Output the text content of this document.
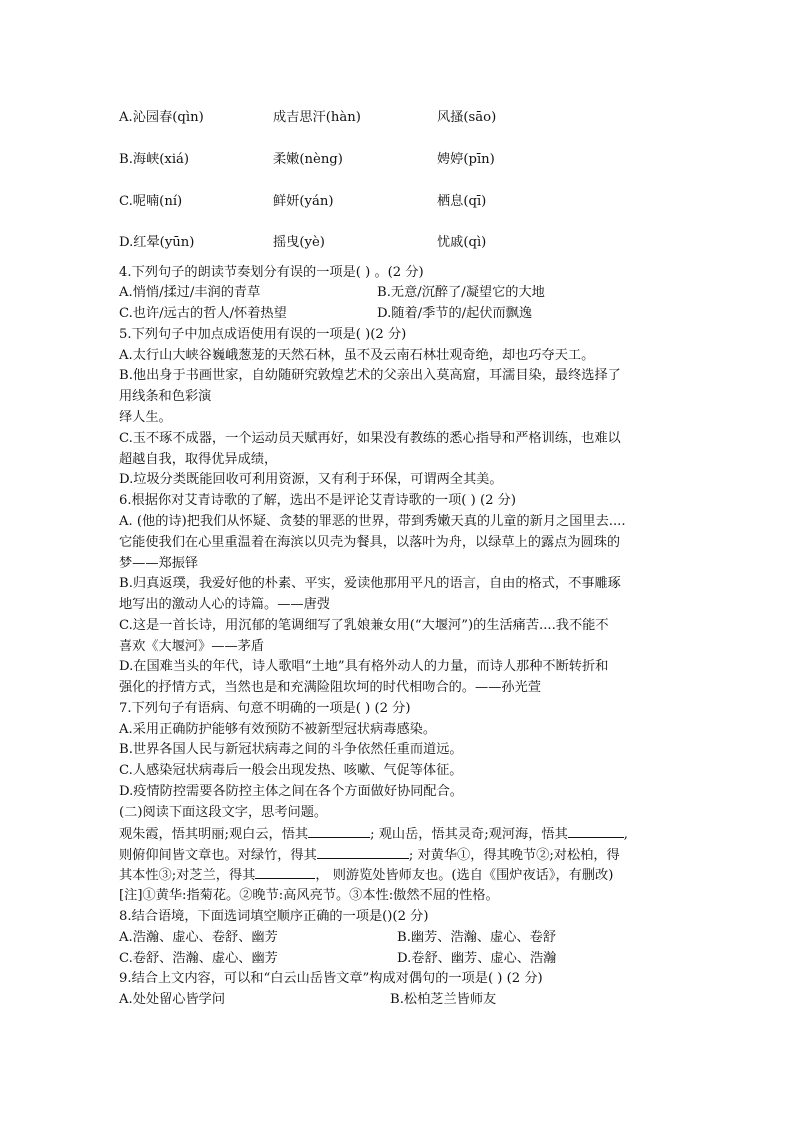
A.沁园春(qìn)	成吉思汗(hàn)	风搔(sāo)
B.海峡(xiá)	柔嫩(nèng)	娉婷(pīn)
C.呢喃(ní)	鲜妍(yán)	栖息(qī)
D.红晕(yūn)	摇曳(yè)	忧戚(qì)
4.下列句子的朗读节奏划分有误的一项是( ) 。(2 分)
A.悄悄/揉过/丰润的青草	B.无意/沉醉了/凝望它的大地
C.也许/远古的哲人/怀着热望	D.随着/季节的/起伏而飘逸
5.下列句子中加点成语使用有误的一项是( )(2 分)
A.太行山大峡谷巍峨葱茏的天然石林，虽不及云南石林壮观奇绝，却也巧夺天工。
B.他出身于书画世家，自幼随研究敦煌艺术的父亲出入莫高窟，耳濡目染，最终选择了
用线条和色彩演
绎人生。
C.玉不琢不成器，一个运动员天赋再好，如果没有教练的悉心指导和严格训练，也难以
超越自我，取得优异成绩，
D.垃圾分类既能回收可利用资源，又有利于环保，可谓两全其美。
6.根据你对艾青诗歌的了解，选出不是评论艾青诗歌的一项( ) (2 分)
A. (他的诗)把我们从怀疑、贪婪的罪恶的世界，带到秀嫩天真的儿童的新月之国里去....
它能使我们在心里重温着在海滨以贝壳为餐具，以落叶为舟，以绿草上的露点为圆珠的
梦——郑振铎
B.归真返璞，我爱好他的朴素、平实，爱读他那用平凡的语言，自由的格式，不事雕琢
地写出的激动人心的诗篇。——唐弢
C.这是一首长诗，用沉郁的笔调细写了乳娘兼女用(“大堰河”)的生活痛苦....我不能不
喜欢《大堰河》——茅盾
D.在国难当头的年代，诗人歌唱“土地”具有格外动人的力量，而诗人那种不断转折和
强化的抒情方式，当然也是和充满险阻坎坷的时代相吻合的。——孙光萱
7.下列句子有语病、句意不明确的一项是( ) (2 分)
A.采用正确防护能够有效预防不被新型冠状病毒感染。
B.世界各国人民与新冠状病毒之间的斗争依然任重而道远。
C.人感染冠状病毒后一般会出现发热、咳嗽、气促等体征。
D.疫情防控需要各防控主体之间在各个方面做好协同配合。
(二)阅读下面这段文字，思考问题。
观朱霞，悟其明丽;观白云，悟其	; 观山岳，悟其灵奇;观河海，悟其	,
则俯仰间皆文章也。对绿竹，得其	; 对黄华①，得其晚节②;对松柏，得
其本性③;对芝兰，得其	， 则游览处皆师友也。(选自《围炉夜话》，有删改)
[注]①黄华:指菊花。②晚节:高风亮节。③本性:傲然不屈的性格。
8.结合语境，下面选词填空顺序正确的一项是()(2 分)
A.浩瀚、虚心、卷舒、幽芳	B.幽芳、浩瀚、虚心、卷舒
C.卷舒、浩瀚、虚心、幽芳	D.卷舒、幽芳、虚心、浩瀚
9.结合上文内容，可以和“白云山岳皆文章”构成对偶句的一项是( ) (2 分)
A.处处留心皆学问	B.松柏芝兰皆师友
